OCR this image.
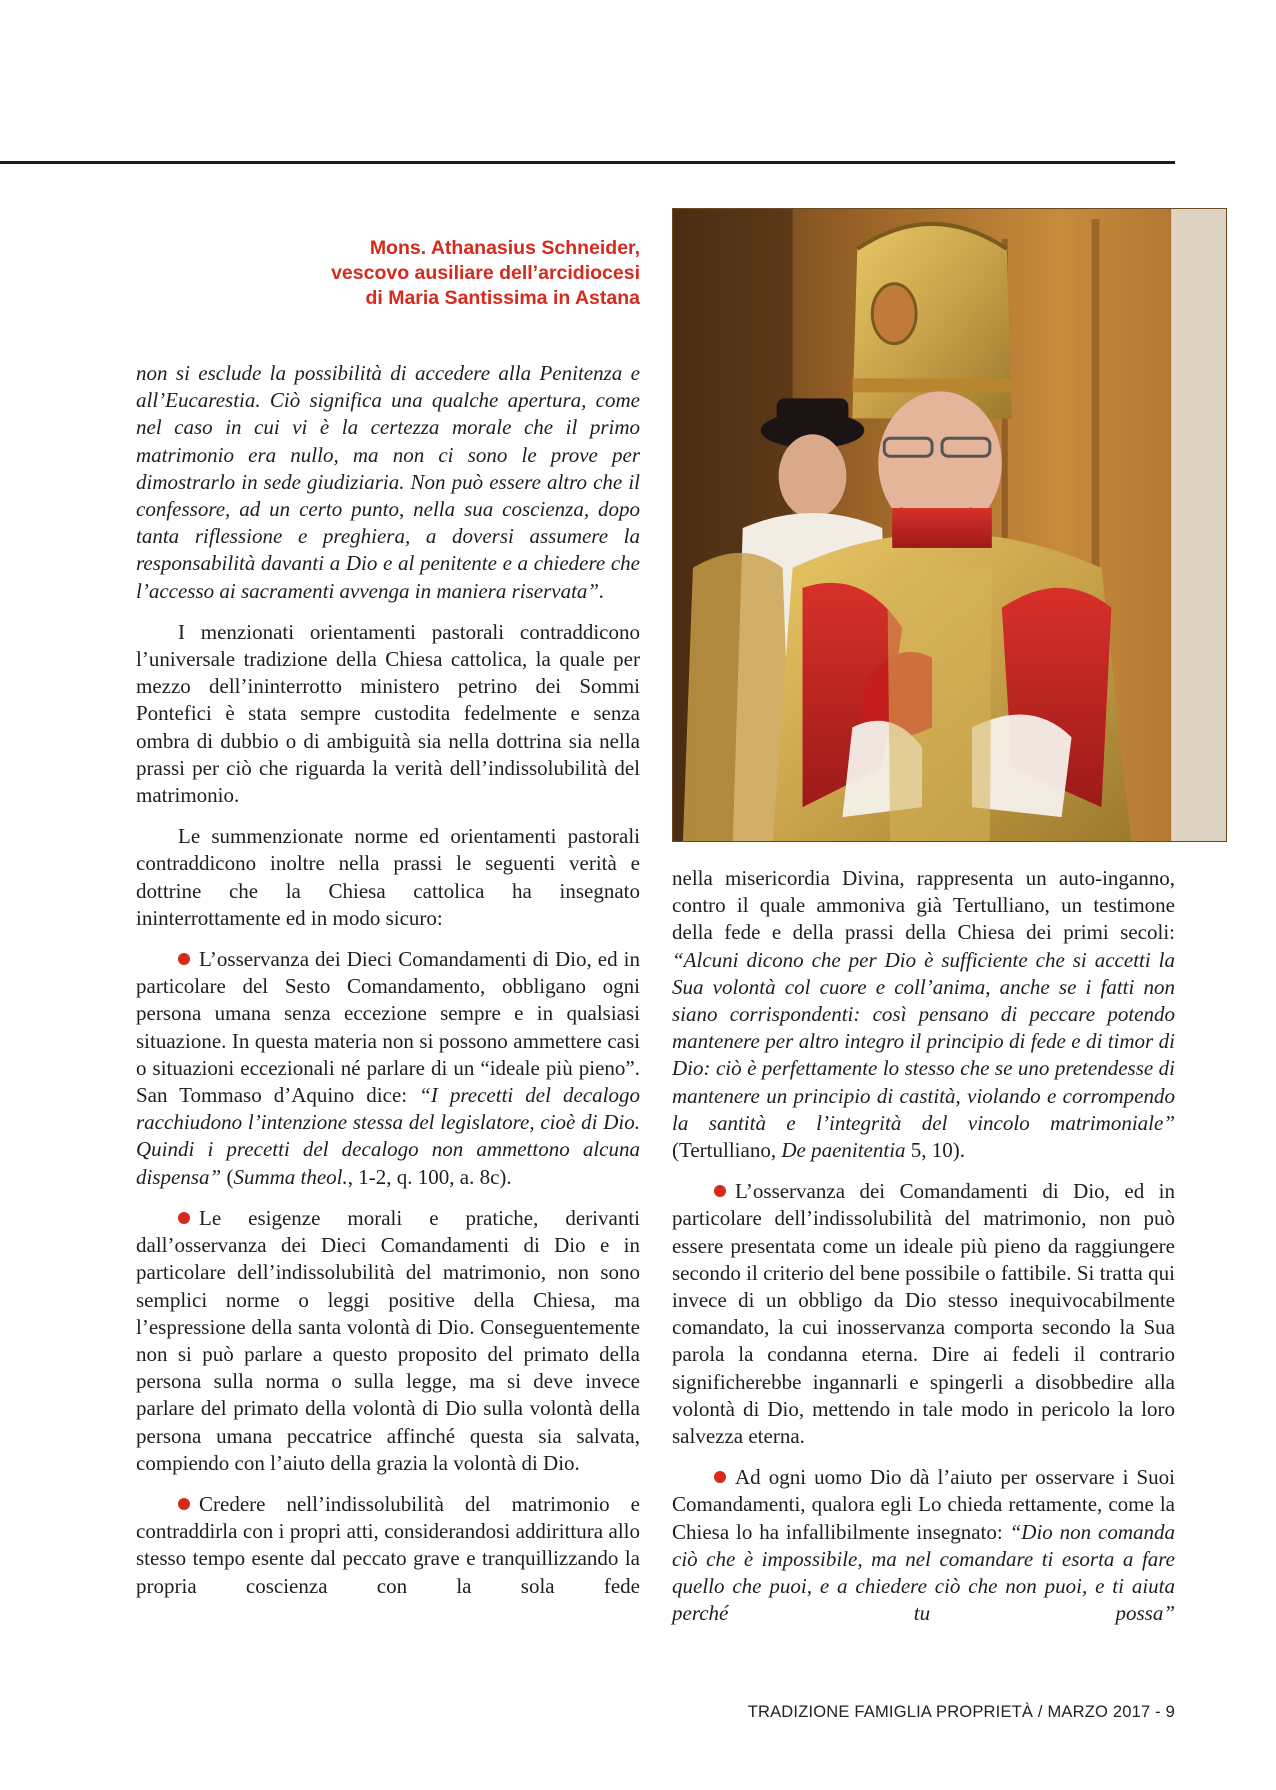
Mons. Athanasius Schneider,
vescovo ausiliare dell’arcidiocesi
di Maria Santissima in Astana

non si esclude la possibilità di accedere alla Penitenza e all’Eucarestia. Ciò significa una qualche apertura, come nel caso in cui vi è la certezza morale che il primo matrimonio era nullo, ma non ci sono le prove per dimostrarlo in sede giudiziaria. Non può essere altro che il confessore, ad un certo punto, nella sua coscienza, dopo tanta riflessione e preghiera, a doversi assumere la responsabilità davanti a Dio e al penitente e a chiedere che l’accesso ai sacramenti avvenga in maniera riservata”.

I menzionati orientamenti pastorali contraddicono l’universale tradizione della Chiesa cattolica, la quale per mezzo dell’ininterrotto ministero petrino dei Sommi Pontefici è stata sempre custodita fedelmente e senza ombra di dubbio o di ambiguità sia nella dottrina sia nella prassi per ciò che riguarda la verità dell’indissolubilità del matrimonio.

Le summenzionate norme ed orientamenti pastorali contraddicono inoltre nella prassi le seguenti verità e dottrine che la Chiesa cattolica ha insegnato ininterrottamente ed in modo sicuro:

L’osservanza dei Dieci Comandamenti di Dio, ed in particolare del Sesto Comandamento, obbligano ogni persona umana senza eccezione sempre e in qualsiasi situazione. In questa materia non si possono ammettere casi o situazioni eccezionali né parlare di un “ideale più pieno”. San Tommaso d’Aquino dice: “I precetti del decalogo racchiudono l’intenzione stessa del legislatore, cioè di Dio. Quindi i precetti del decalogo non ammettono alcuna dispensa” (Summa theol., 1-2, q. 100, a. 8c).

Le esigenze morali e pratiche, derivanti dall’osservanza dei Dieci Comandamenti di Dio e in particolare dell’indissolubilità del matrimonio, non sono semplici norme o leggi positive della Chiesa, ma l’espressione della santa volontà di Dio. Conseguentemente non si può parlare a questo proposito del primato della persona sulla norma o sulla legge, ma si deve invece parlare del primato della volontà di Dio sulla volontà della persona umana peccatrice affinché questa sia salvata, compiendo con l’aiuto della grazia la volontà di Dio.

Credere nell’indissolubilità del matrimonio e contraddirla con i propri atti, considerandosi addirittura allo stesso tempo esente dal peccato grave e tranquillizzando la propria coscienza con la sola fede

nella misericordia Divina, rappresenta un auto-inganno, contro il quale ammoniva già Tertulliano, un testimone della fede e della prassi della Chiesa dei primi secoli: “Alcuni dicono che per Dio è sufficiente che si accetti la Sua volontà col cuore e coll’anima, anche se i fatti non siano corrispondenti: così pensano di peccare potendo mantenere per altro integro il principio di fede e di timor di Dio: ciò è perfettamente lo stesso che se uno pretendesse di mantenere un principio di castità, violando e corrompendo la santità e l’integrità del vincolo matrimoniale” (Tertulliano, De paenitentia 5, 10).

L’osservanza dei Comandamenti di Dio, ed in particolare dell’indissolubilità del matrimonio, non può essere presentata come un ideale più pieno da raggiungere secondo il criterio del bene possibile o fattibile. Si tratta qui invece di un obbligo da Dio stesso inequivocabilmente comandato, la cui inosservanza comporta secondo la Sua parola la condanna eterna. Dire ai fedeli il contrario significherebbe ingannarli e spingerli a disobbedire alla volontà di Dio, mettendo in tale modo in pericolo la loro salvezza eterna.

Ad ogni uomo Dio dà l’aiuto per osservare i Suoi Comandamenti, qualora egli Lo chieda rettamente, come la Chiesa lo ha infallibilmente insegnato: “Dio non comanda ciò che è impossibile, ma nel comandare ti esorta a fare quello che puoi, e a chiedere ciò che non puoi, e ti aiuta perché tu possa”

TRADIZIONE FAMIGLIA PROPRIETÀ / MARZO 2017 - 9
